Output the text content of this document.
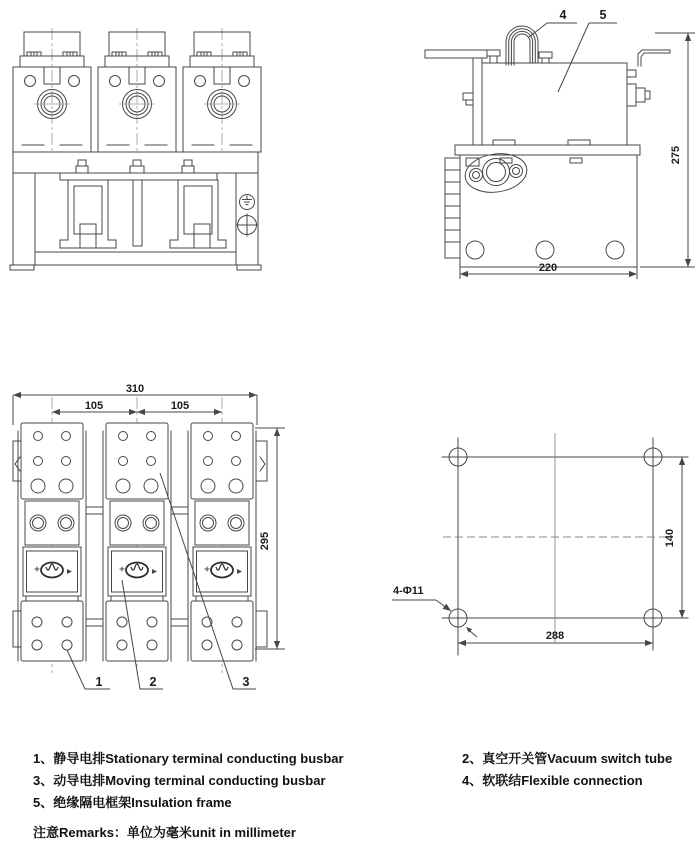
4	5
275
220
310
105	105
295
1	2	3
140
288
4-Φ11
1、静导电排Stationary terminal conducting busbar	2、真空开关管Vacuum switch tube
3、动导电排Moving terminal conducting busbar	4、软联结Flexible connection
5、绝缘隔电框架Insulation frame
注意Remarks：单位为毫米unit in millimeter
